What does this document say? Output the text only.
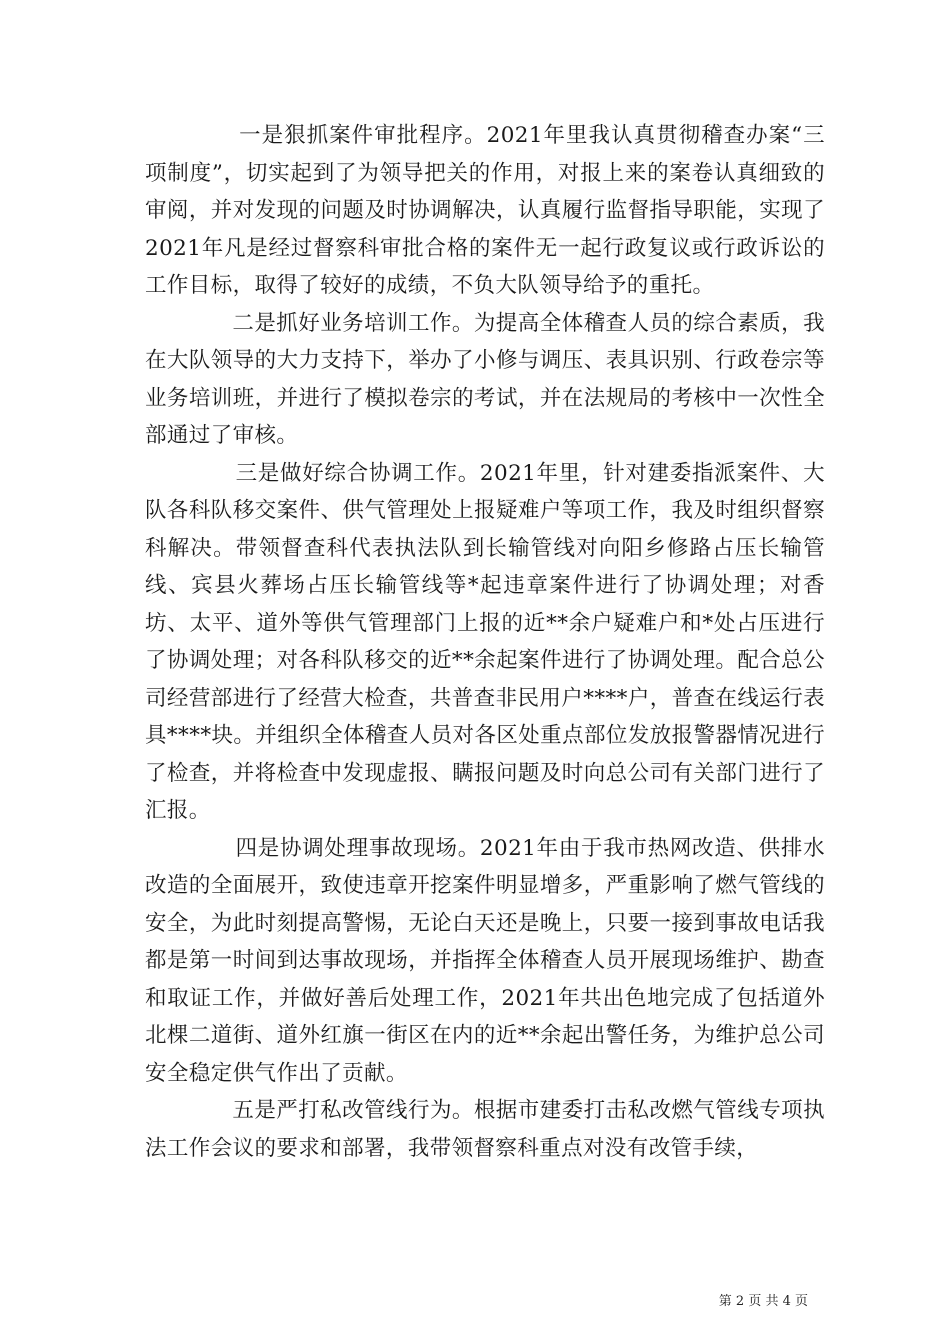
一是狠抓案件审批程序。2021年里我认真贯彻稽查办案“三项制度”，切实起到了为领导把关的作用，对报上来的案卷认真细致的审阅，并对发现的问题及时协调解决，认真履行监督指导职能，实现了2021年凡是经过督察科审批合格的案件无一起行政复议或行政诉讼的工作目标，取得了较好的成绩，不负大队领导给予的重托。

二是抓好业务培训工作。为提高全体稽查人员的综合素质，我在大队领导的大力支持下，举办了小修与调压、表具识别、行政卷宗等业务培训班，并进行了模拟卷宗的考试，并在法规局的考核中一次性全部通过了审核。

三是做好综合协调工作。2021年里，针对建委指派案件、大队各科队移交案件、供气管理处上报疑难户等项工作，我及时组织督察科解决。带领督查科代表执法队到长输管线对向阳乡修路占压长输管线、宾县火葬场占压长输管线等*起违章案件进行了协调处理；对香坊、太平、道外等供气管理部门上报的近**余户疑难户和*处占压进行了协调处理；对各科队移交的近**余起案件进行了协调处理。配合总公司经营部进行了经营大检查，共普查非民用户****户，普查在线运行表具****块。并组织全体稽查人员对各区处重点部位发放报警器情况进行了检查，并将检查中发现虚报、瞒报问题及时向总公司有关部门进行了汇报。

四是协调处理事故现场。2021年由于我市热网改造、供排水改造的全面展开，致使违章开挖案件明显增多，严重影响了燃气管线的安全，为此时刻提高警惕，无论白天还是晚上，只要一接到事故电话我都是第一时间到达事故现场，并指挥全体稽查人员开展现场维护、勘查和取证工作，并做好善后处理工作，2021年共出色地完成了包括道外北棵二道街、道外红旗一街区在内的近**余起出警任务，为维护总公司安全稳定供气作出了贡献。

五是严打私改管线行为。根据市建委打击私改燃气管线专项执法工作会议的要求和部署，我带领督察科重点对没有改管手续，

第 2 页 共 4 页
